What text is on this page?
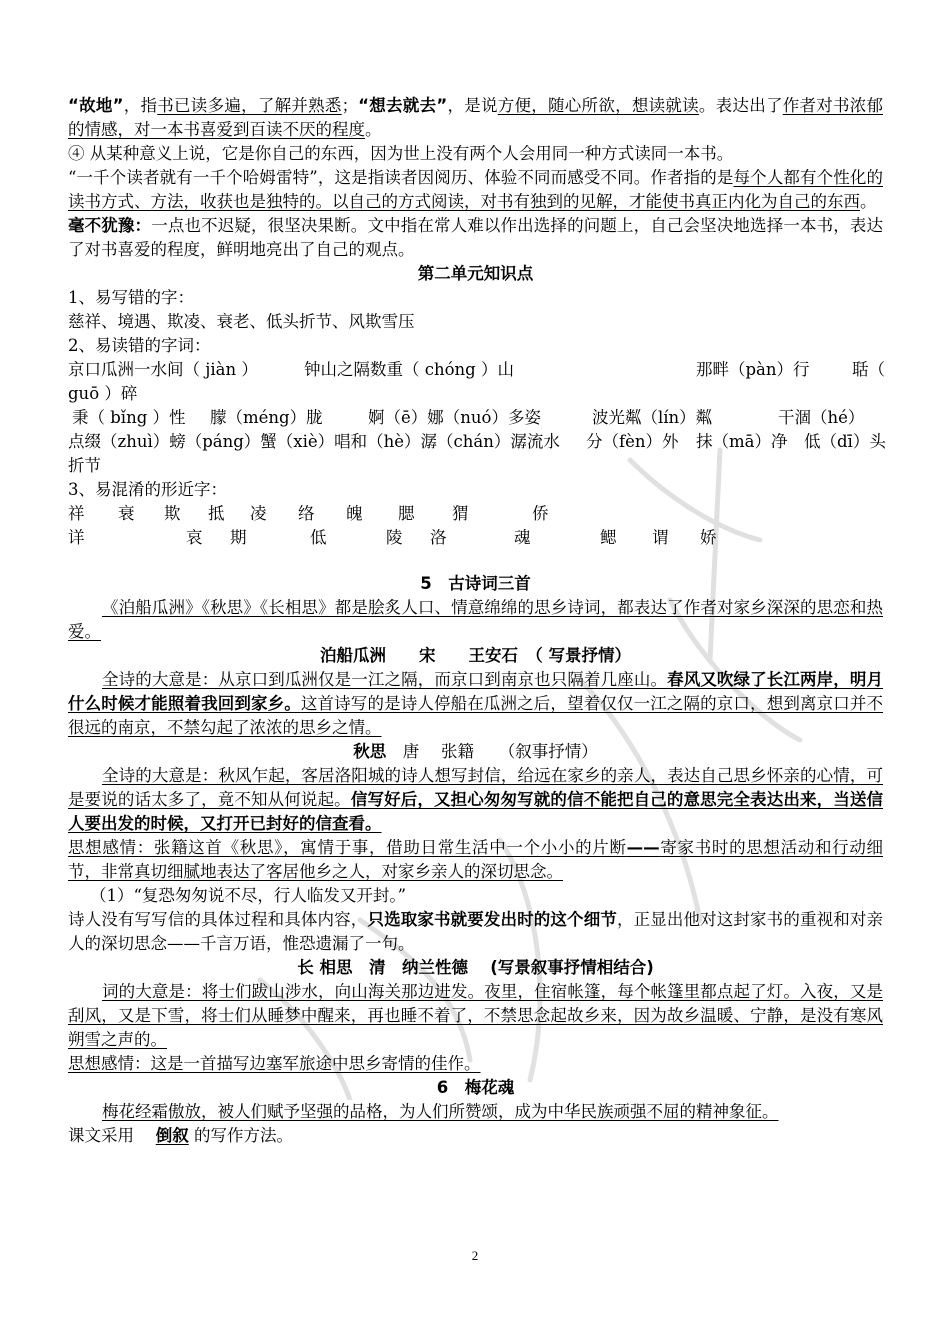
“故地”，指书已读多遍，了解并熟悉；“想去就去”，是说方便，随心所欲，想读就读。表达出了作者对书浓郁的情感，对一本书喜爱到百读不厌的程度。
④ 从某种意义上说，它是你自己的东西，因为世上没有两个人会用同一种方式读同一本书。
“一千个读者就有一千个哈姆雷特”，这是指读者因阅历、体验不同而感受不同。作者指的是每个人都有个性化的读书方式、方法，收获也是独特的。以自己的方式阅读，对书有独到的见解，才能使书真正内化为自己的东西。
毫不犹豫：一点也不迟疑，很坚决果断。文中指在常人难以作出选择的问题上，自己会坚决地选择一本书，表达了对书喜爱的程度，鲜明地亮出了自己的观点。
第二单元知识点
1、易写错的字：
慈祥、境遇、欺凌、衰老、低头折节、风欺雪压
2、易读错的字词：
京口瓜洲一水间（ jiàn ）	钟山之隔数重（ chóng ）山	那畔（pàn）行	聒（
guō ）碎
秉（ bǐng ）性 朦（méng）胧	婀（ē）娜（nuó）多姿	波光粼（lín）粼	干涸（hé）
点缀（zhuì）螃（páng）蟹（xiè）唱和（hè）潺（chán）潺流水 分（fèn）外 抹（mā）净 低（dī）头
折节
3、易混淆的形近字：
祥 衰 欺 抵 凌 络 魄 腮 猬	侨
详	哀 期	低	陵 洛	魂	鳃 谓 娇
5　古诗词三首
《泊船瓜洲》《秋思》《长相思》都是脍炙人口、情意绵绵的思乡诗词，都表达了作者对家乡深深的思恋和热爱。
泊船瓜洲　　宋　　王安石　（ 写景抒情）
全诗的大意是：从京口到瓜洲仅是一江之隔，而京口到南京也只隔着几座山。春风又吹绿了长江两岸，明月什么时候才能照着我回到家乡。这首诗写的是诗人停船在瓜洲之后，望着仅仅一江之隔的京口，想到离京口并不很远的南京，不禁勾起了浓浓的思乡之情。
秋思　 唐　 张籍　　（叙事抒情）
全诗的大意是：秋风乍起，客居洛阳城的诗人想写封信，给远在家乡的亲人，表达自己思乡怀亲的心情，可是要说的话太多了，竟不知从何说起。信写好后，又担心匆匆写就的信不能把自己的意思完全表达出来，当送信人要出发的时候，又打开已封好的信查看。
思想感情：张籍这首《秋思》，寓情于事，借助日常生活中一个小小的片断——寄家书时的思想活动和行动细节，非常真切细腻地表达了客居他乡之人，对家乡亲人的深切思念。
（1）“复恐匆匆说不尽，行人临发又开封。”
诗人没有写写信的具体过程和具体内容，只选取家书就要发出时的这个细节，正显出他对这封家书的重视和对亲人的深切思念——千言万语，惟恐遗漏了一句。
长 相思　清　纳兰性德　 (写景叙事抒情相结合)
词的大意是：将士们跋山涉水，向山海关那边进发。夜里，住宿帐篷，每个帐篷里都点起了灯。入夜，又是刮风，又是下雪，将士们从睡梦中醒来，再也睡不着了，不禁思念起故乡来，因为故乡温暖、宁静，是没有寒风朔雪之声的。
思想感情：这是一首描写边塞军旅途中思乡寄情的佳作。
6　梅花魂
梅花经霜傲放，被人们赋予坚强的品格，为人们所赞颂，成为中华民族顽强不屈的精神象征。
课文采用　 倒叙 的写作方法。
2
